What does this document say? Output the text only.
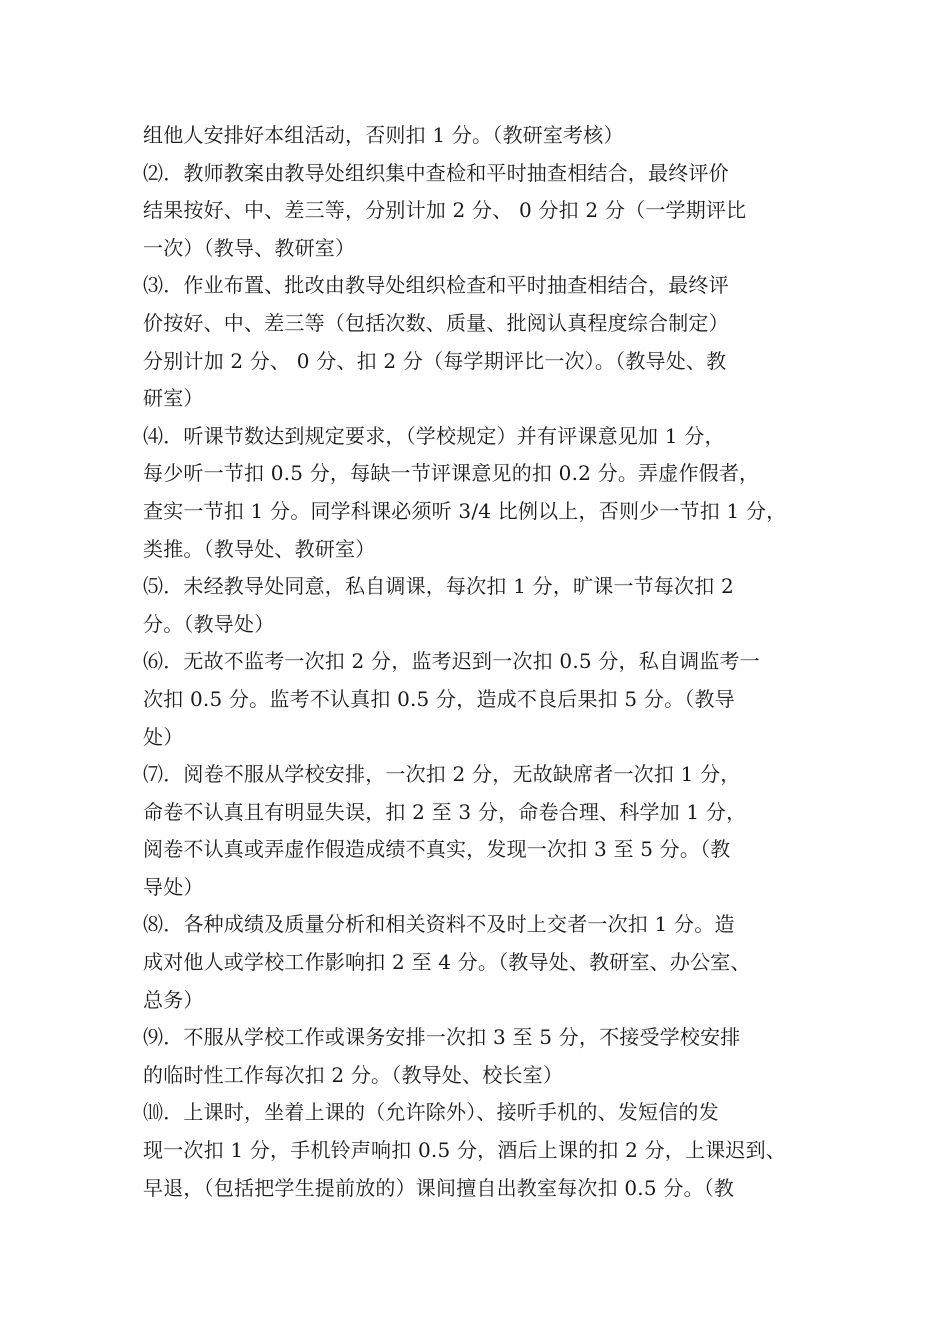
组他人安排好本组活动，否则扣 1 分。（教研室考核）
⑵．教师教案由教导处组织集中查检和平时抽查相结合，最终评价
结果按好、中、差三等，分别计加 2 分、 0 分扣 2 分（一学期评比
一次）（教导、教研室）
⑶．作业布置、批改由教导处组织检查和平时抽查相结合，最终评
价按好、中、差三等（包括次数、质量、批阅认真程度综合制定）
分别计加 2 分、 0 分、扣 2 分（每学期评比一次）。（教导处、教
研室）
⑷．听课节数达到规定要求，（学校规定）并有评课意见加 1 分，
每少听一节扣 0.5 分，每缺一节评课意见的扣 0.2 分。弄虚作假者，
查实一节扣 1 分。同学科课必须听 3/4 比例以上，否则少一节扣 1 分，
类推。（教导处、教研室）
⑸．未经教导处同意，私自调课，每次扣 1 分，旷课一节每次扣 2
分。（教导处）
⑹．无故不监考一次扣 2 分，监考迟到一次扣 0.5 分，私自调监考一
次扣 0.5 分。监考不认真扣 0.5 分，造成不良后果扣 5 分。（教导
处）
⑺．阅卷不服从学校安排，一次扣 2 分，无故缺席者一次扣 1 分，
命卷不认真且有明显失误，扣 2 至 3 分，命卷合理、科学加 1 分，
阅卷不认真或弄虚作假造成绩不真实，发现一次扣 3 至 5 分。（教
导处）
⑻．各种成绩及质量分析和相关资料不及时上交者一次扣 1 分。造
成对他人或学校工作影响扣 2 至 4 分。（教导处、教研室、办公室、
总务）
⑼．不服从学校工作或课务安排一次扣 3 至 5 分，不接受学校安排
的临时性工作每次扣 2 分。（教导处、校长室）
⑽．上课时，坐着上课的（允许除外）、接听手机的、发短信的发
现一次扣 1 分，手机铃声响扣 0.5 分，酒后上课的扣 2 分，上课迟到、
早退，（包括把学生提前放的）课间擅自出教室每次扣 0.5 分。（教
